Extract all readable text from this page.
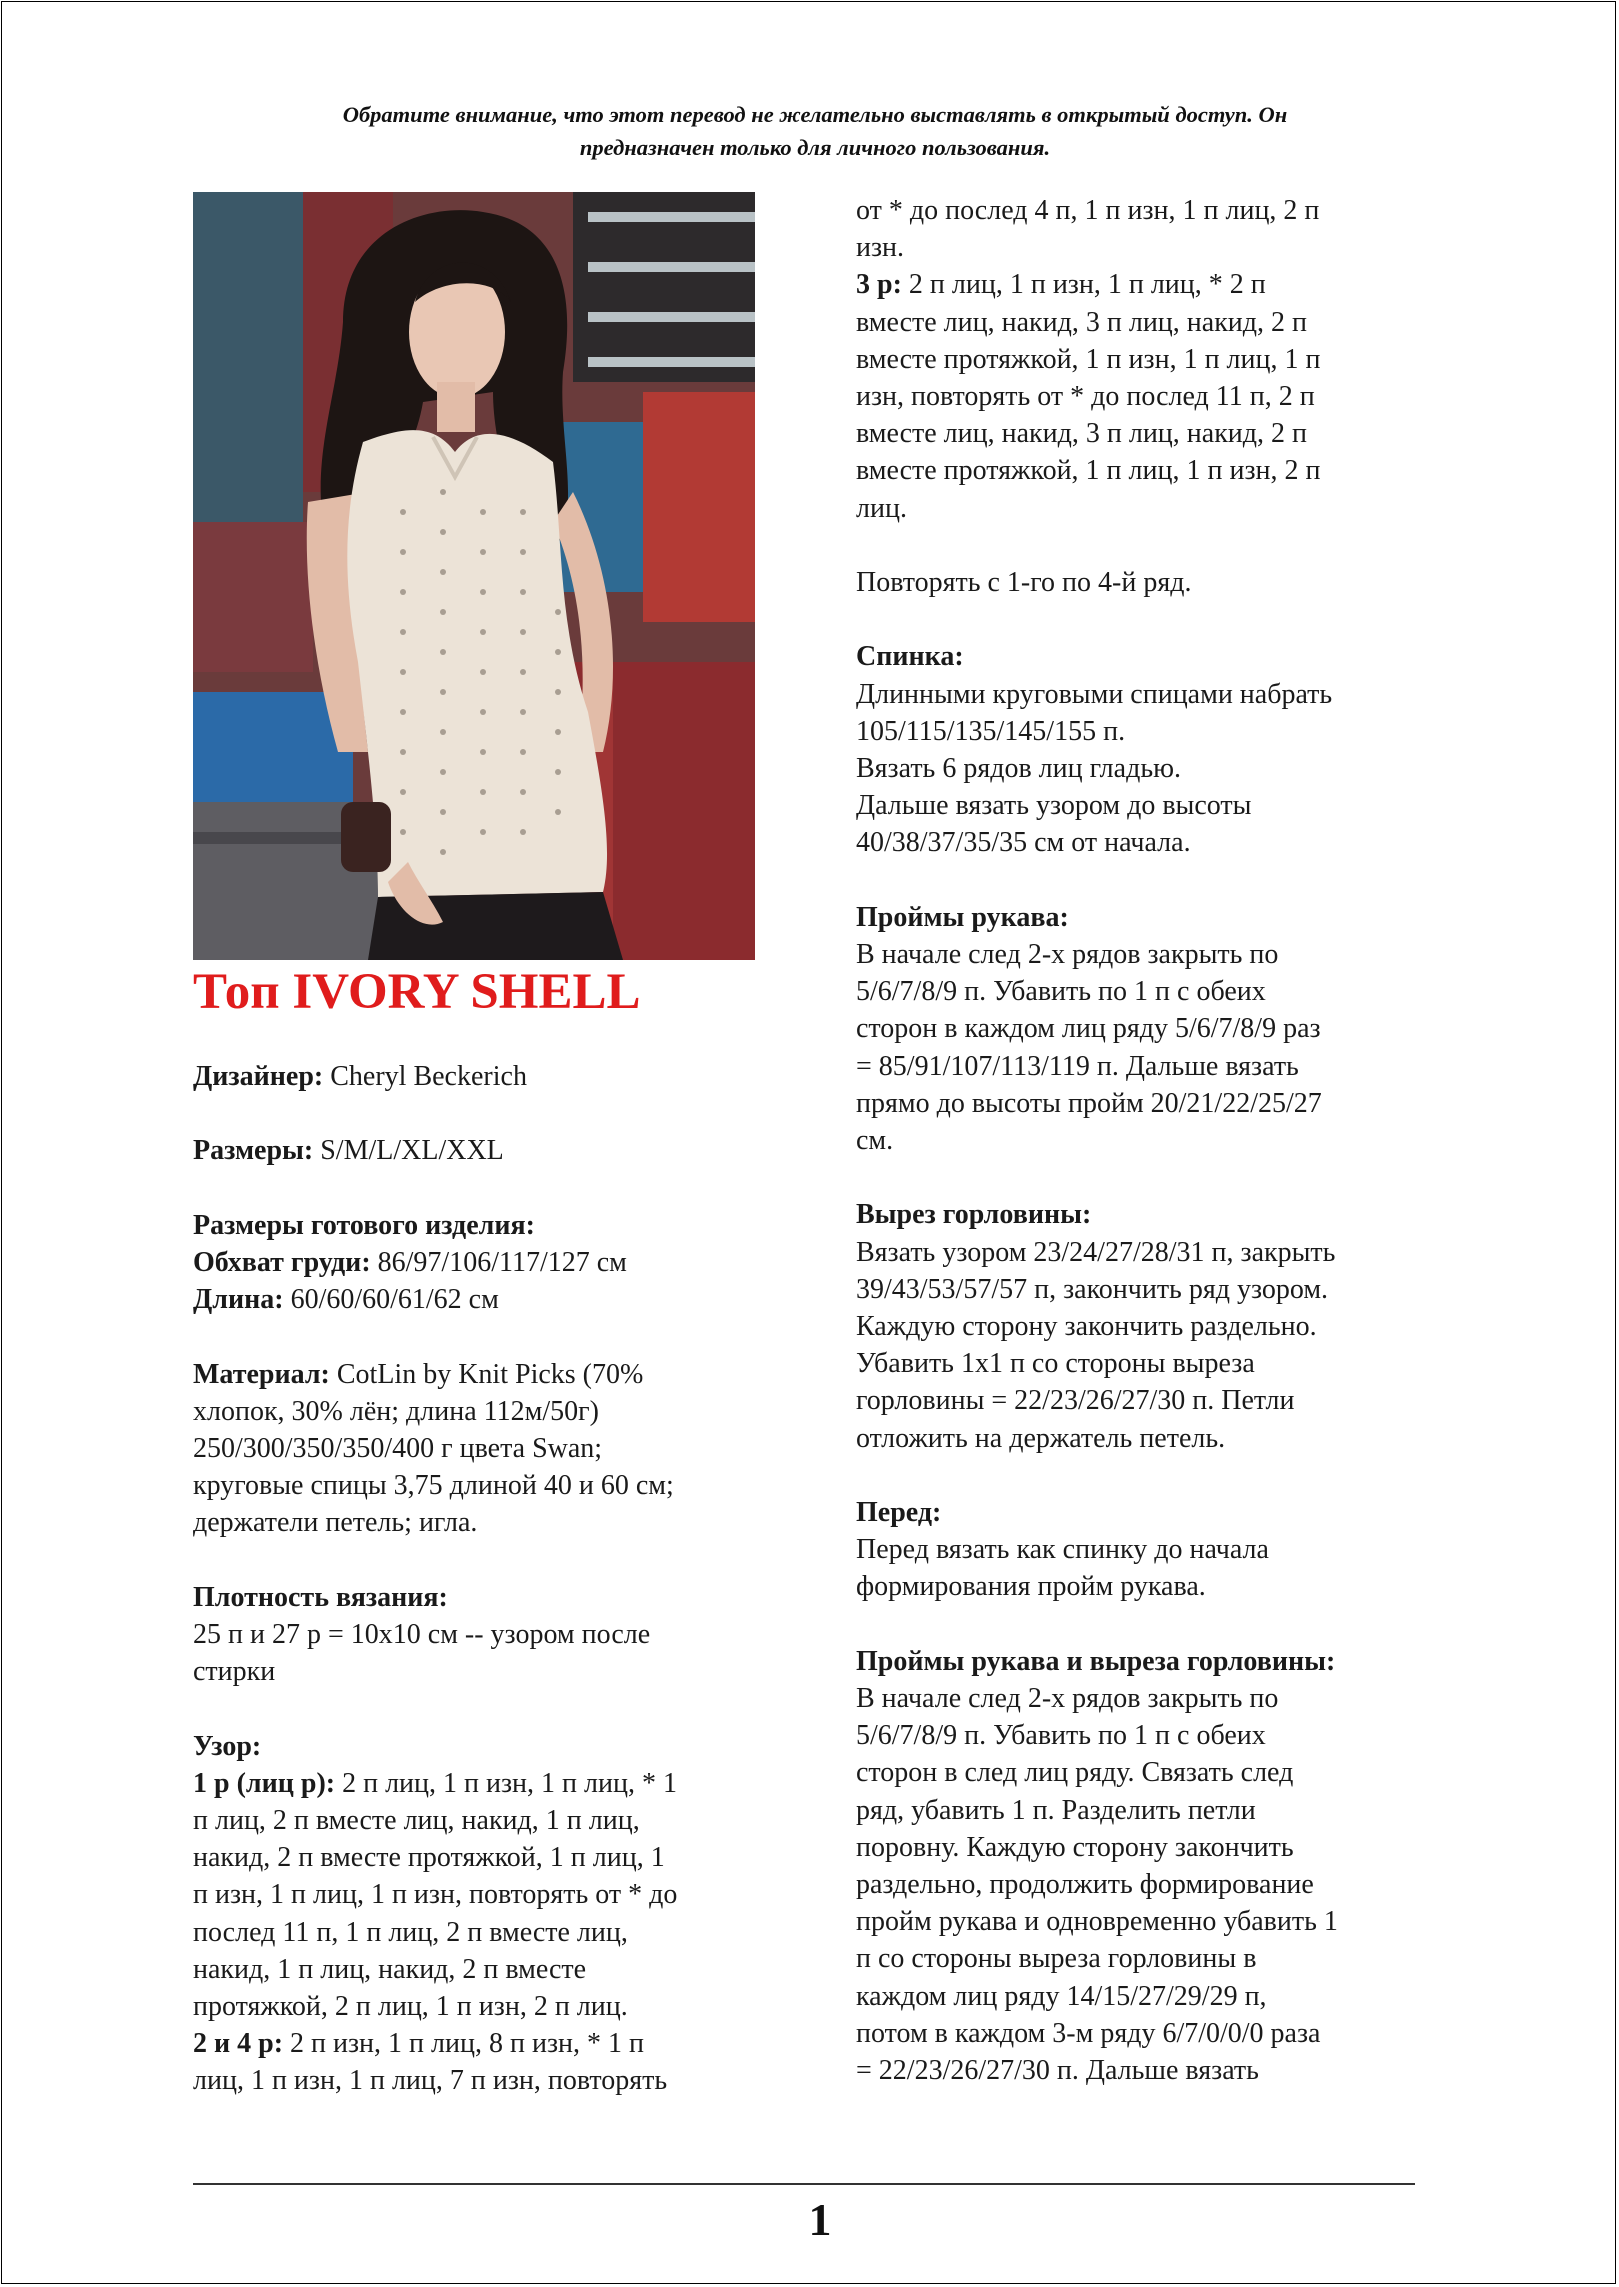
Обратите внимание, что этот перевод не желательно выставлять в открытый доступ. Он
предназначен только для личного пользования.
Топ IVORY SHELL

Дизайнер: Cheryl Beckerich

Размеры: S/M/L/XL/XXL

Размеры готового изделия:

Обхват груди: 86/97/106/117/127 см

Длина: 60/60/60/61/62 см

Материал: CotLin by Knit Picks (70%

хлопок, 30% лён; длина 112м/50г)

250/300/350/350/400 г цвета Swan;

круговые спицы 3,75 длиной 40 и 60 см;

держатели петель; игла.

Плотность вязания:

25 п и 27 р = 10х10 см -- узором после

стирки

Узор:

1 р (лиц р): 2 п лиц, 1 п изн, 1 п лиц, * 1

п лиц, 2 п вместе лиц, накид, 1 п лиц,

накид, 2 п вместе протяжкой, 1 п лиц, 1

п изн, 1 п лиц, 1 п изн, повторять от * до

послед 11 п, 1 п лиц, 2 п вместе лиц,

накид, 1 п лиц, накид, 2 п вместе

протяжкой, 2 п лиц, 1 п изн, 2 п лиц.

2 и 4 р: 2 п изн, 1 п лиц, 8 п изн, * 1 п

лиц, 1 п изн, 1 п лиц, 7 п изн, повторять

от * до послед 4 п, 1 п изн, 1 п лиц, 2 п

изн.

3 р: 2 п лиц, 1 п изн, 1 п лиц, * 2 п

вместе лиц, накид, 3 п лиц, накид, 2 п

вместе протяжкой, 1 п изн, 1 п лиц, 1 п

изн, повторять от * до послед 11 п, 2 п

вместе лиц, накид, 3 п лиц, накид, 2 п

вместе протяжкой, 1 п лиц, 1 п изн, 2 п

лиц.

Повторять с 1-го по 4-й ряд.

Спинка:

Длинными круговыми спицами набрать

105/115/135/145/155 п.

Вязать 6 рядов лиц гладью.

Дальше вязать узором до высоты

40/38/37/35/35 см от начала.

Проймы рукава:

В начале след 2-х рядов закрыть по

5/6/7/8/9 п. Убавить по 1 п с обеих

сторон в каждом лиц ряду 5/6/7/8/9 раз

= 85/91/107/113/119 п. Дальше вязать

прямо до высоты пройм 20/21/22/25/27

см.

Вырез горловины:

Вязать узором 23/24/27/28/31 п, закрыть

39/43/53/57/57 п, закончить ряд узором.

Каждую сторону закончить раздельно.

Убавить 1х1 п со стороны выреза

горловины = 22/23/26/27/30 п. Петли

отложить на держатель петель.

Перед:

Перед вязать как спинку до начала

формирования пройм рукава.

Проймы рукава и выреза горловины:

В начале след 2-х рядов закрыть по

5/6/7/8/9 п. Убавить по 1 п с обеих

сторон в след лиц ряду. Связать след

ряд, убавить 1 п. Разделить петли

поровну. Каждую сторону закончить

раздельно, продолжить формирование

пройм рукава и одновременно убавить 1

п со стороны выреза горловины в

каждом лиц ряду 14/15/27/29/29 п,

потом в каждом 3-м ряду 6/7/0/0/0 раза

= 22/23/26/27/30 п. Дальше вязать

1
